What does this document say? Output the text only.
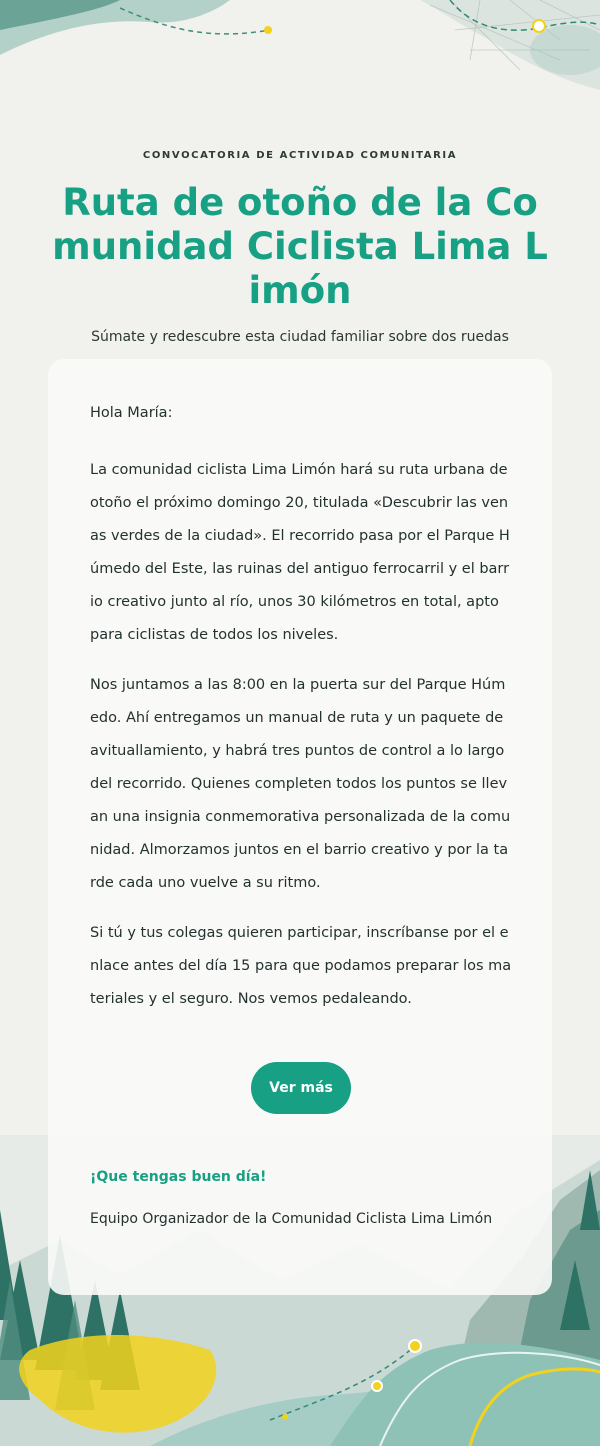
CONVOCATORIA DE ACTIVIDAD COMUNITARIA

Ruta de otoño de la Comunidad Ciclista Lima Limón

Súmate y redescubre esta ciudad familiar sobre dos ruedas

Hola María:

La comunidad ciclista Lima Limón hará su ruta urbana de otoño el próximo domingo 20, titulada «Descubrir las venas verdes de la ciudad». El recorrido pasa por el Parque Húmedo del Este, las ruinas del antiguo ferrocarril y el barrio creativo junto al río, unos 30 kilómetros en total, apto para ciclistas de todos los niveles.

Nos juntamos a las 8:00 en la puerta sur del Parque Húmedo. Ahí entregamos un manual de ruta y un paquete de avituallamiento, y habrá tres puntos de control a lo largo del recorrido. Quienes completen todos los puntos se llevan una insignia conmemorativa personalizada de la comunidad. Almorzamos juntos en el barrio creativo y por la tarde cada uno vuelve a su ritmo.

Si tú y tus colegas quieren participar, inscríbanse por el enlace antes del día 15 para que podamos preparar los materiales y el seguro. Nos vemos pedaleando.

Ver más
¡Que tengas buen día!
Equipo Organizador de la Comunidad Ciclista Lima Limón
